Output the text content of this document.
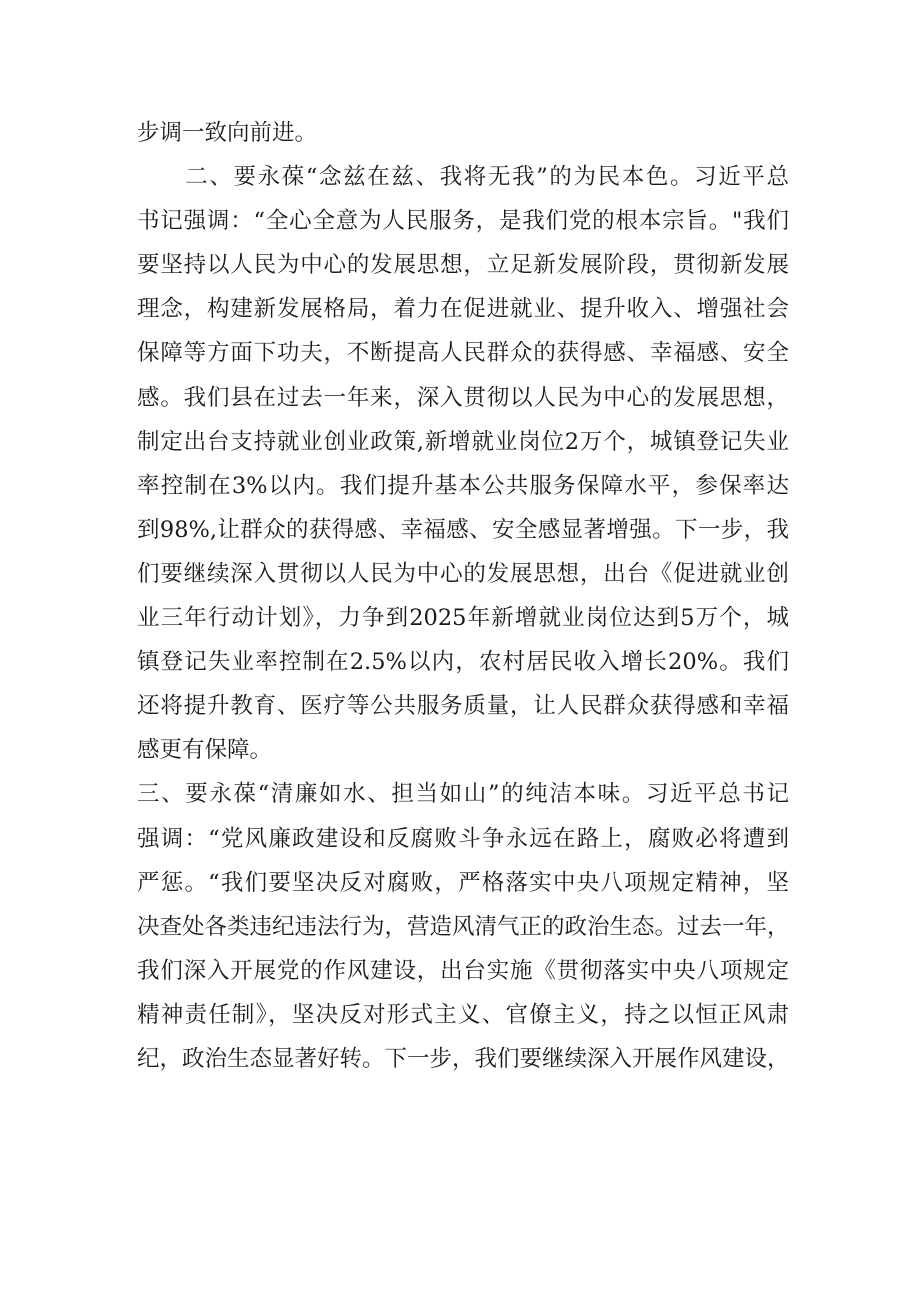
步调一致向前进。
　　二、要永葆“念兹在兹、我将无我”的为民本色。习近平总
书记强调：“全心全意为人民服务，是我们党的根本宗旨。"我们
要坚持以人民为中心的发展思想，立足新发展阶段，贯彻新发展
理念，构建新发展格局，着力在促进就业、提升收入、增强社会
保障等方面下功夫，不断提高人民群众的获得感、幸福感、安全
感。我们县在过去一年来，深入贯彻以人民为中心的发展思想，
制定出台支持就业创业政策,新增就业岗位2万个，城镇登记失业
率控制在3%以内。我们提升基本公共服务保障水平，参保率达
到98%,让群众的获得感、幸福感、安全感显著增强。下一步，我
们要继续深入贯彻以人民为中心的发展思想，出台《促进就业创
业三年行动计划》，力争到2025年新增就业岗位达到5万个，城
镇登记失业率控制在2.5%以内，农村居民收入增长20%。我们
还将提升教育、医疗等公共服务质量，让人民群众获得感和幸福
感更有保障。
三、要永葆“清廉如水、担当如山”的纯洁本味。习近平总书记
强调：“党风廉政建设和反腐败斗争永远在路上，腐败必将遭到
严惩。“我们要坚决反对腐败，严格落实中央八项规定精神，坚
决查处各类违纪违法行为，营造风清气正的政治生态。过去一年，
我们深入开展党的作风建设，出台实施《贯彻落实中央八项规定
精神责任制》，坚决反对形式主义、官僚主义，持之以恒正风肃
纪，政治生态显著好转。下一步，我们要继续深入开展作风建设，
